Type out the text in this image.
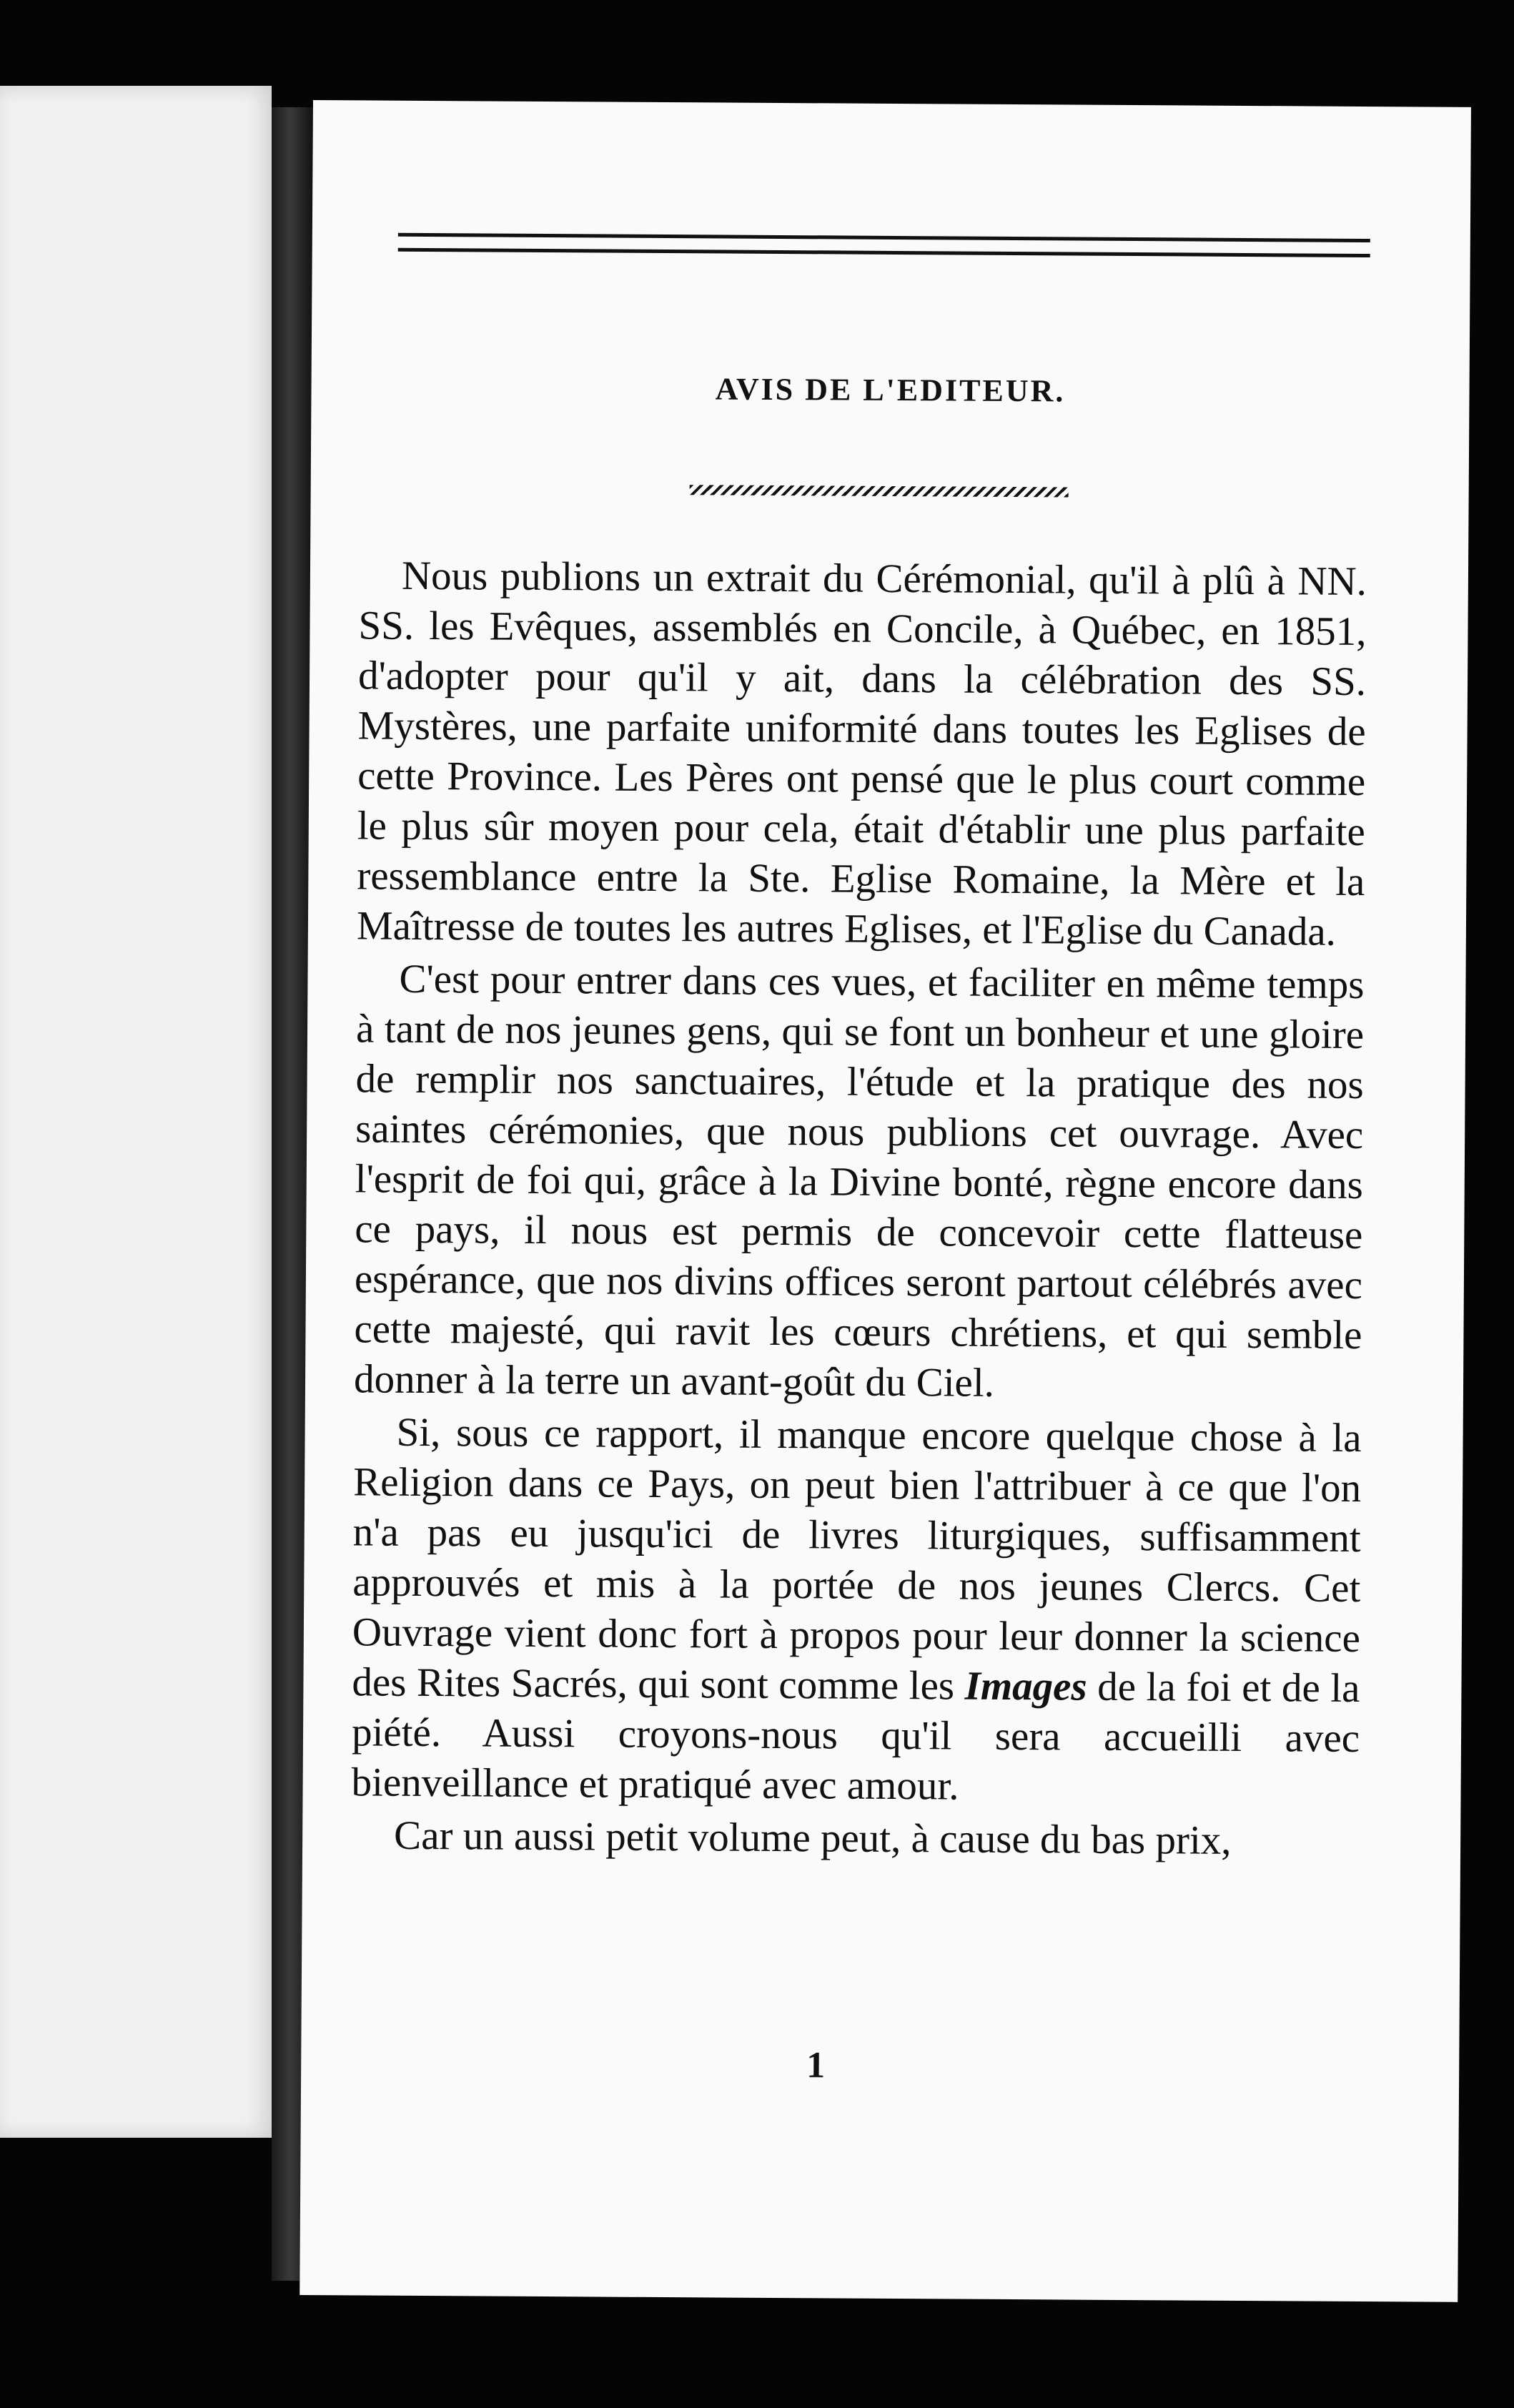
AVIS DE L'EDITEUR.

Nous publions un extrait du Cérémonial, qu'il à plû à NN. SS. les Evêques, assemblés en Concile, à Québec, en 1851, d'adopter pour qu'il y ait, dans la célébration des SS. Mystères, une parfaite uniformité dans toutes les Eglises de cette Province. Les Pères ont pensé que le plus court comme le plus sûr moyen pour cela, était d'établir une plus parfaite ressemblance entre la Ste. Eglise Romaine, la Mère et la Maîtresse de toutes les autres Eglises, et l'Eglise du Canada.

C'est pour entrer dans ces vues, et faciliter en même temps à tant de nos jeunes gens, qui se font un bonheur et une gloire de remplir nos sanctuaires, l'étude et la pratique des nos saintes cérémonies, que nous publions cet ouvrage. Avec l'esprit de foi qui, grâce à la Divine bonté, règne encore dans ce pays, il nous est permis de concevoir cette flatteuse espérance, que nos divins offices seront partout célébrés avec cette majesté, qui ravit les cœurs chrétiens, et qui semble donner à la terre un avant-goût du Ciel.

Si, sous ce rapport, il manque encore quelque chose à la Religion dans ce Pays, on peut bien l'attribuer à ce que l'on n'a pas eu jusqu'ici de livres liturgiques, suffisamment approuvés et mis à la portée de nos jeunes Clercs. Cet Ouvrage vient donc fort à propos pour leur donner la science des Rites Sacrés, qui sont comme les Images de la foi et de la piété. Aussi croyons-nous qu'il sera accueilli avec bienveillance et pratiqué avec amour.

Car un aussi petit volume peut, à cause du bas prix,

1
